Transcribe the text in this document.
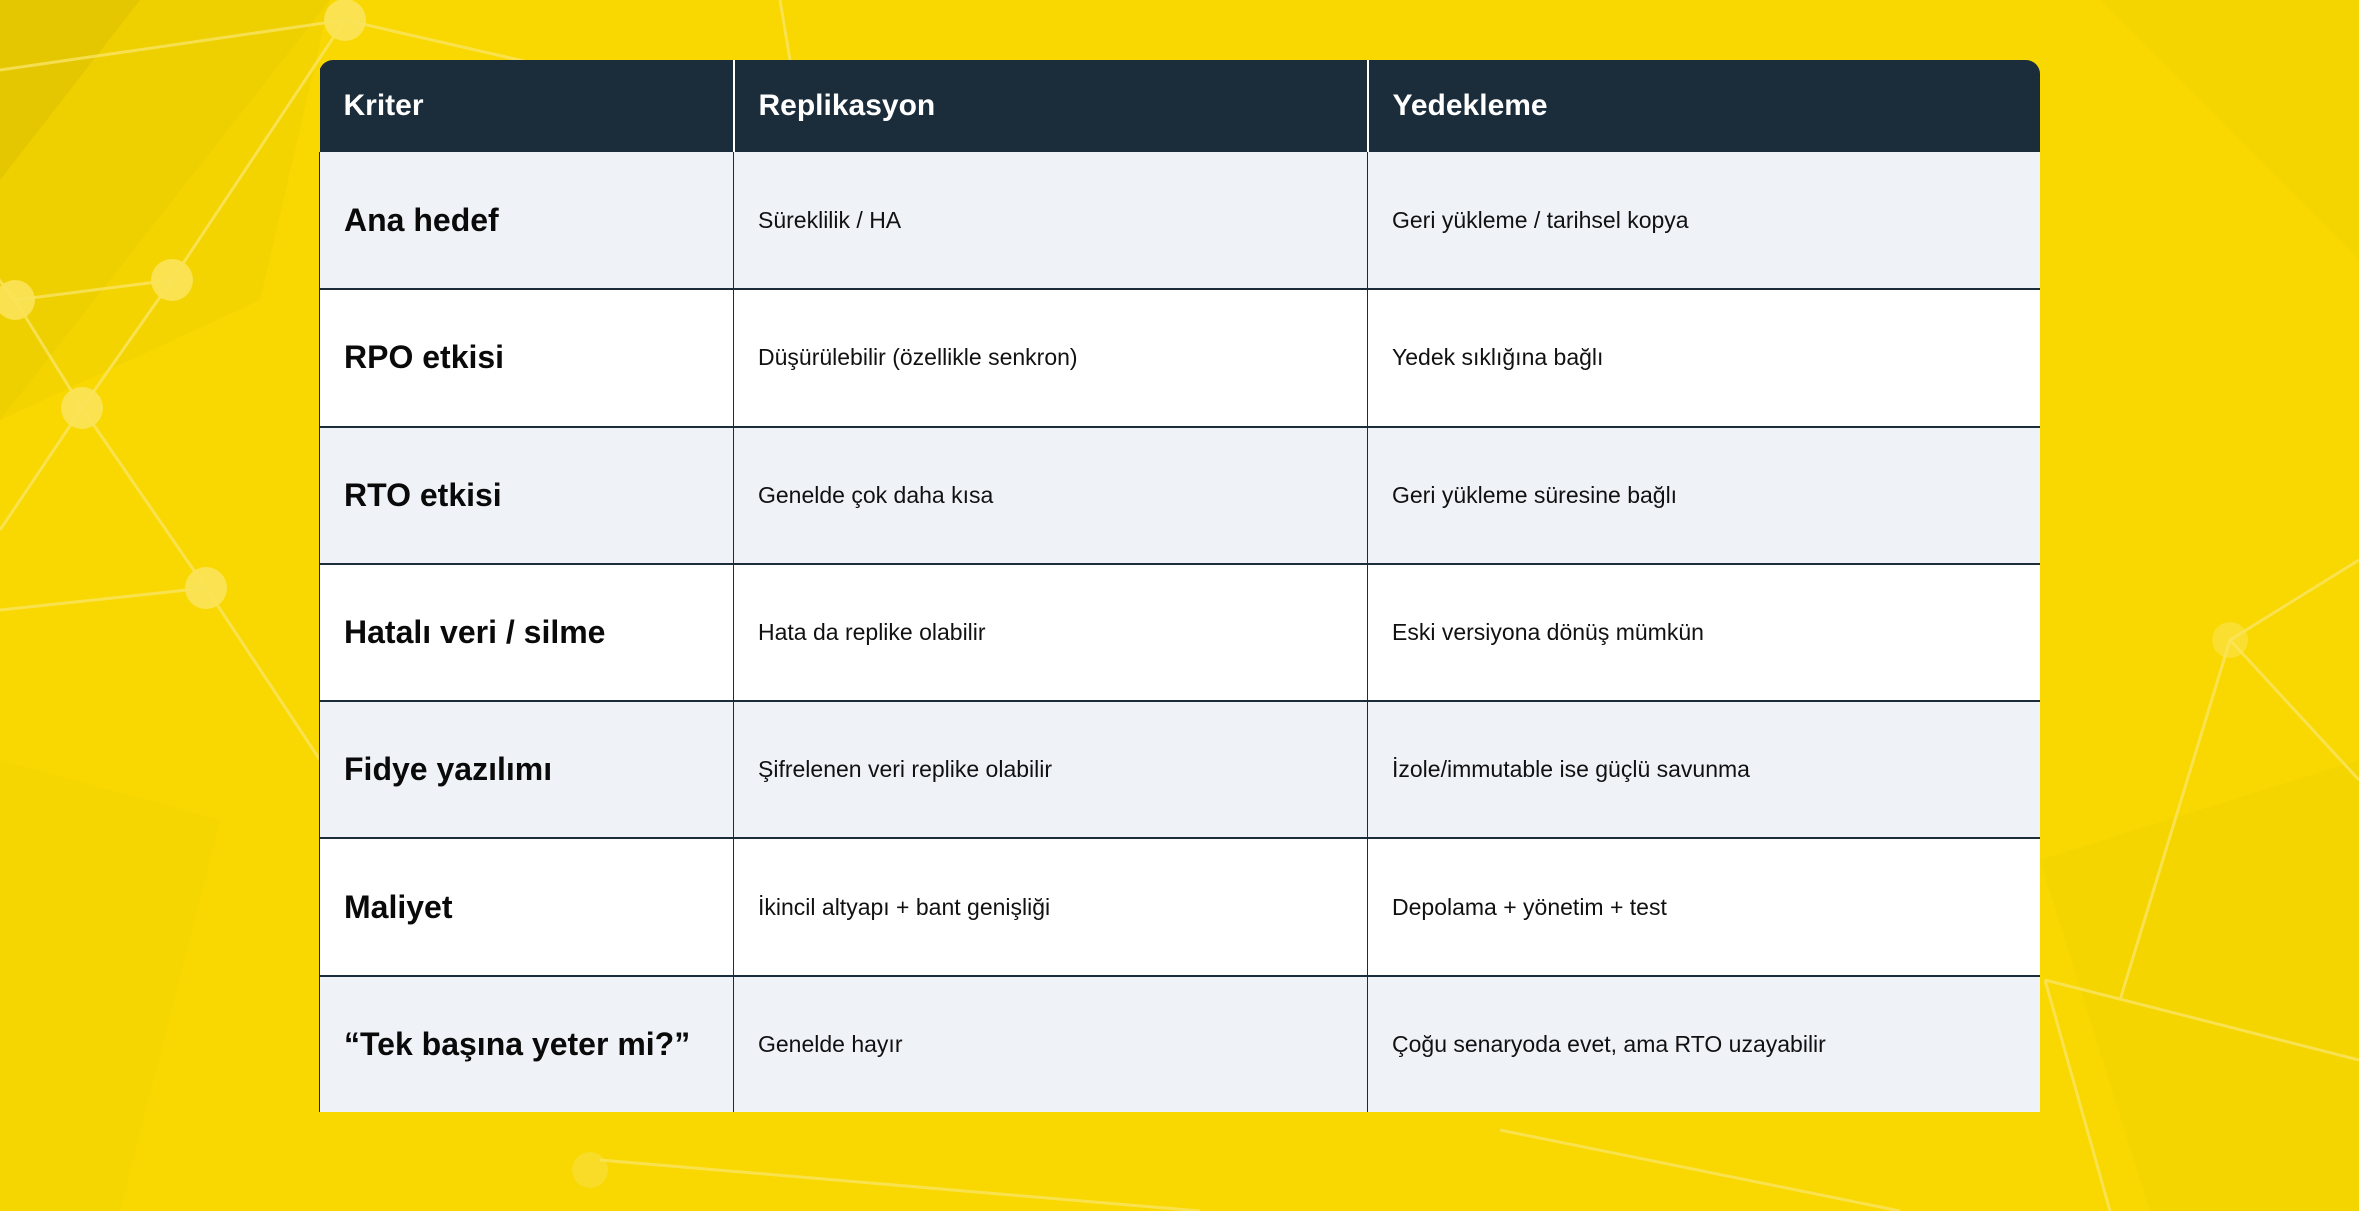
Kriter	Replikasyon	Yedekleme
Ana hedef	Süreklilik / HA	Geri yükleme / tarihsel kopya
RPO etkisi	Düşürülebilir (özellikle senkron)	Yedek sıklığına bağlı
RTO etkisi	Genelde çok daha kısa	Geri yükleme süresine bağlı
Hatalı veri / silme	Hata da replike olabilir	Eski versiyona dönüş mümkün
Fidye yazılımı	Şifrelenen veri replike olabilir	İzole/immutable ise güçlü savunma
Maliyet	İkincil altyapı + bant genişliği	Depolama + yönetim + test
“Tek başına yeter mi?”	Genelde hayır	Çoğu senaryoda evet, ama RTO uzayabilir
